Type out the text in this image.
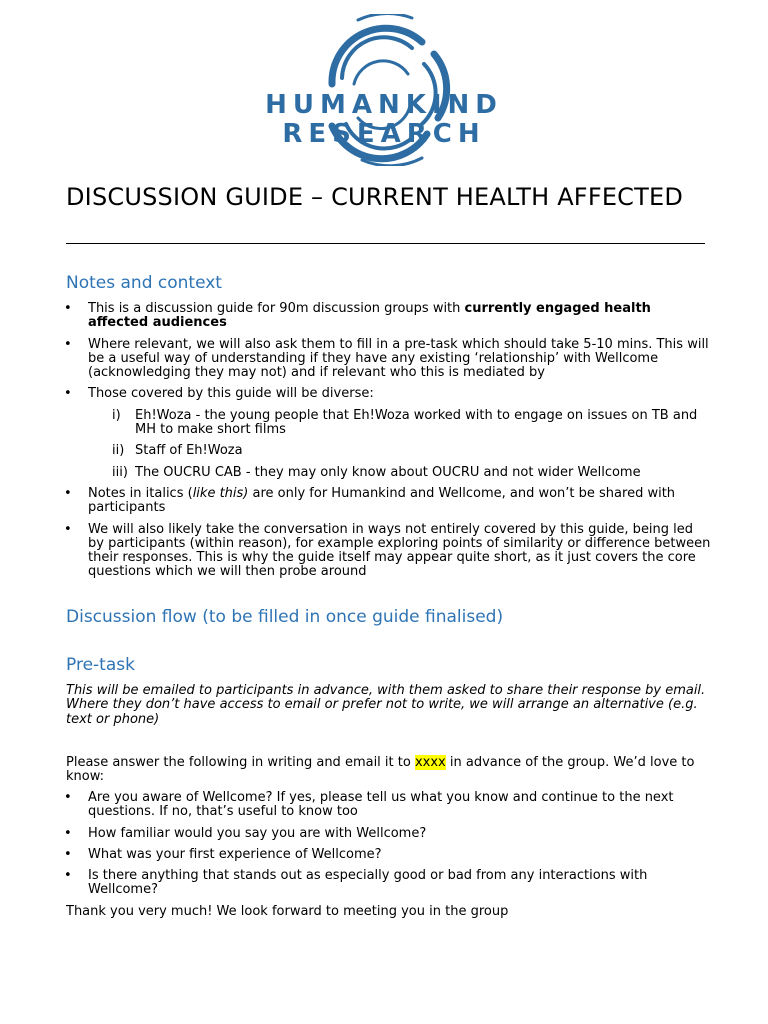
HUMANKIND
RESEARCH
DISCUSSION GUIDE – CURRENT HEALTH AFFECTED
Notes and context
• This is a discussion guide for 90m discussion groups with currently engaged health affected audiences
• Where relevant, we will also ask them to fill in a pre-task which should take 5-10 mins. This will be a useful way of understanding if they have any existing ‘relationship’ with Wellcome (acknowledging they may not) and if relevant who this is mediated by
• Those covered by this guide will be diverse:
i) Eh!Woza - the young people that Eh!Woza worked with to engage on issues on TB and MH to make short films
ii) Staff of Eh!Woza
iii) The OUCRU CAB - they may only know about OUCRU and not wider Wellcome
• Notes in italics (like this) are only for Humankind and Wellcome, and won’t be shared with participants
• We will also likely take the conversation in ways not entirely covered by this guide, being led by participants (within reason), for example exploring points of similarity or difference between their responses. This is why the guide itself may appear quite short, as it just covers the core questions which we will then probe around
Discussion flow (to be filled in once guide finalised)
Pre-task
This will be emailed to participants in advance, with them asked to share their response by email. Where they don’t have access to email or prefer not to write, we will arrange an alternative (e.g. text or phone)
Please answer the following in writing and email it to xxxx in advance of the group. We’d love to know:
• Are you aware of Wellcome? If yes, please tell us what you know and continue to the next questions. If no, that’s useful to know too
• How familiar would you say you are with Wellcome?
• What was your first experience of Wellcome?
• Is there anything that stands out as especially good or bad from any interactions with Wellcome?
Thank you very much! We look forward to meeting you in the group
